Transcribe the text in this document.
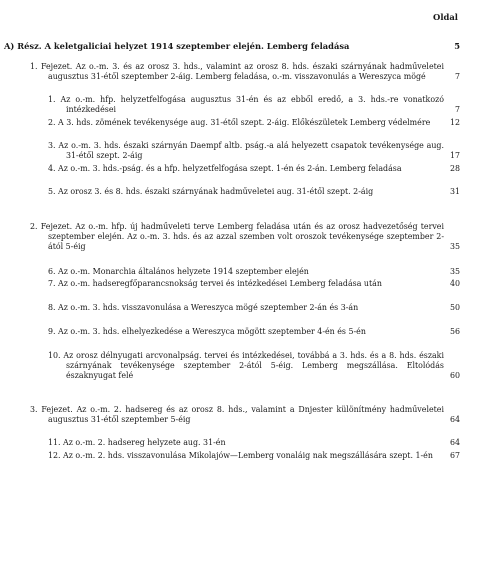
Oldal
A) Rész. A keletgaliciai helyzet 1914 szeptember elején. Lemberg feladása	5
1. Fejezet. Az o.-m. 3. és az orosz 3. hds., valamint az orosz 8. hds. északi szárnyának hadműveletei augusztus 31-étől szeptember 2-áig. Lemberg feladása, o.-m. visszavonulás a Wereszyca mögé	7
1. Az o.-m. hfp. helyzetfelfogása augusztus 31-én és az ebből eredő, a 3. hds.-re vonatkozó intézkedései	7
2. A 3. hds. zömének tevékenysége aug. 31-étől szept. 2-áig. Előkészületek Lemberg védelmére	12
3. Az o.-m. 3. hds. északi szárnyán Daempf altb. pság.-a alá helyezett csapatok tevékenysége aug. 31-étől szept. 2-áig	17
4. Az o.-m. 3. hds.-pság. és a hfp. helyzetfelfogása szept. 1-én és 2-án. Lemberg feladása	28
5. Az orosz 3. és 8. hds. északi szárnyának hadműveletei aug. 31-étől szept. 2-áig	31
2. Fejezet. Az o.-m. hfp. új hadműveleti terve Lemberg feladása után és az orosz hadvezetőség tervei szeptember elején. Az o.-m. 3. hds. és az azzal szemben volt oroszok tevékenysége szeptember 2-ától 5-éig	35
6. Az o.-m. Monarchia általános helyzete 1914 szeptember elején	35
7. Az o.-m. hadseregfőparancsnokság tervei és intézkedései Lemberg feladása után	40
8. Az o.-m. 3. hds. visszavonulása a Wereszyca mögé szeptember 2-án és 3-án	50
9. Az o.-m. 3. hds. elhelyezkedése a Wereszyca mögött szeptember 4-én és 5-én	56
10. Az orosz délnyugati arcvonalpság. tervei és intézkedései, továbbá a 3. hds. és a 8. hds. északi szárnyának tevékenysége szeptember 2-ától 5-éig. Lemberg megszállása. Eltolódás északnyugat felé	60
3. Fejezet. Az o.-m. 2. hadsereg és az orosz 8. hds., valamint a Dnjester különítmény hadműveletei augusztus 31-étől szeptember 5-éig	64
11. Az o.-m. 2. hadsereg helyzete aug. 31-én	64
12. Az o.-m. 2. hds. visszavonulása Mikolajów—Lemberg vonaláig nak megszállására szept. 1-én	67
